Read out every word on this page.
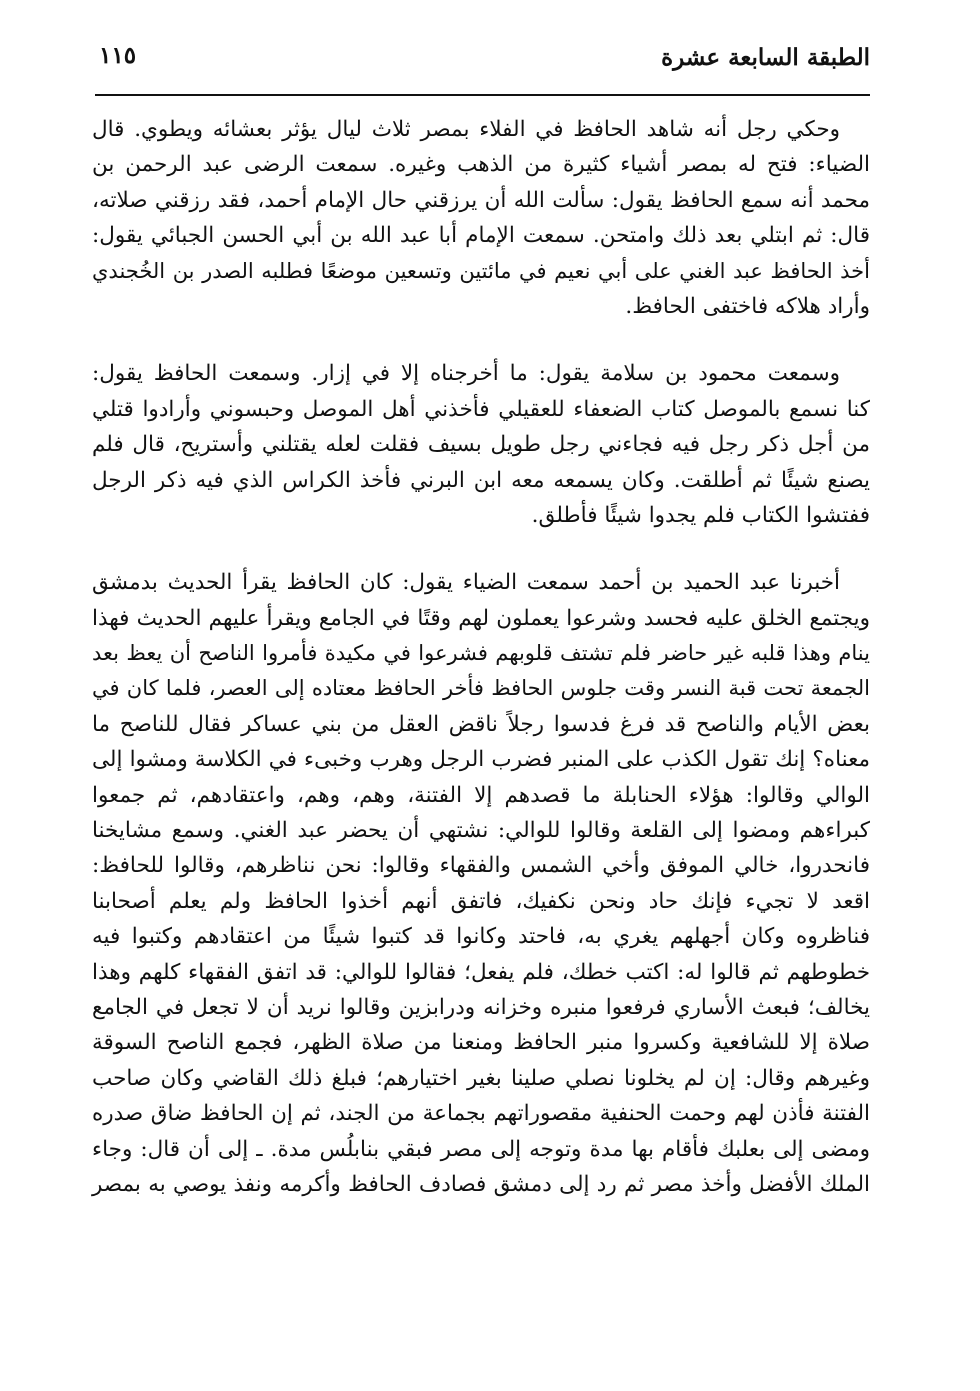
الطبقة السابعة عشرة
١١٥
وحكي رجل أنه شاهد الحافظ في الفلاء بمصر ثلاث ليال يؤثر بعشائه ويطوي. قال
الضياء: فتح له بمصر أشياء كثيرة من الذهب وغيره. سمعت الرضى عبد الرحمن بن
محمد أنه سمع الحافظ يقول: سألت الله أن يرزقني حال الإمام أحمد، فقد رزقني صلاته،
قال: ثم ابتلي بعد ذلك وامتحن. سمعت الإمام أبا عبد الله بن أبي الحسن الجبائي يقول:
أخذ الحافظ عبد الغني على أبي نعيم في مائتين وتسعين موضعًا فطلبه الصدر بن الخُجندي
وأراد هلاكه فاختفى الحافظ.
وسمعت محمود بن سلامة يقول: ما أخرجناه إلا في إزار. وسمعت الحافظ يقول:
كنا نسمع بالموصل كتاب الضعفاء للعقيلي فأخذني أهل الموصل وحبسوني وأرادوا قتلي
من أجل ذكر رجل فيه فجاءني رجل طويل بسيف فقلت لعله يقتلني وأستريح، قال فلم
يصنع شيئًا ثم أطلقت. وكان يسمعه معه ابن البرني فأخذ الكراس الذي فيه ذكر الرجل
ففتشوا الكتاب فلم يجدوا شيئًا فأطلق.
أخبرنا عبد الحميد بن أحمد سمعت الضياء يقول: كان الحافظ يقرأ الحديث بدمشق
ويجتمع الخلق عليه فحسد وشرعوا يعملون لهم وقتًا في الجامع ويقرأ عليهم الحديث فهذا
ينام وهذا قلبه غير حاضر فلم تشتف قلوبهم فشرعوا في مكيدة فأمروا الناصح أن يعظ بعد
الجمعة تحت قبة النسر وقت جلوس الحافظ فأخر الحافظ معتاده إلى العصر، فلما كان في
بعض الأيام والناصح قد فرغ فدسوا رجلاً ناقض العقل من بني عساكر فقال للناصح ما
معناه؟ إنك تقول الكذب على المنبر فضرب الرجل وهرب وخبىء في الكلاسة ومشوا إلى
الوالي وقالوا: هؤلاء الحنابلة ما قصدهم إلا الفتنة، وهم، وهم، واعتقادهم، ثم جمعوا
كبراءهم ومضوا إلى القلعة وقالوا للوالي: نشتهي أن يحضر عبد الغني. وسمع مشايخنا
فانحدروا، خالي الموفق وأخي الشمس والفقهاء وقالوا: نحن نناظرهم، وقالوا للحافظ:
اقعد لا تجيء فإنك حاد ونحن نكفيك، فاتفق أنهم أخذوا الحافظ ولم يعلم أصحابنا
فناظروه وكان أجهلهم يغري به، فاحتد وكانوا قد كتبوا شيئًا من اعتقادهم وكتبوا فيه
خطوطهم ثم قالوا له: اكتب خطك، فلم يفعل؛ فقالوا للوالي: قد اتفق الفقهاء كلهم وهذا
يخالف؛ فبعث الأساري فرفعوا منبره وخزانه ودرابزين وقالوا نريد أن لا تجعل في الجامع
صلاة إلا للشافعية وكسروا منبر الحافظ ومنعنا من صلاة الظهر، فجمع الناصح السوقة
وغيرهم وقال: إن لم يخلونا نصلي صلينا بغير اختيارهم؛ فبلغ ذلك القاضي وكان صاحب
الفتنة فأذن لهم وحمت الحنفية مقصوراتهم بجماعة من الجند، ثم إن الحافظ ضاق صدره
ومضى إلى بعلبك فأقام بها مدة وتوجه إلى مصر فبقي بنابلُس مدة. ـ إلى أن قال: وجاء
الملك الأفضل وأخذ مصر ثم رد إلى دمشق فصادف الحافظ وأكرمه ونفذ يوصي به بمصر
